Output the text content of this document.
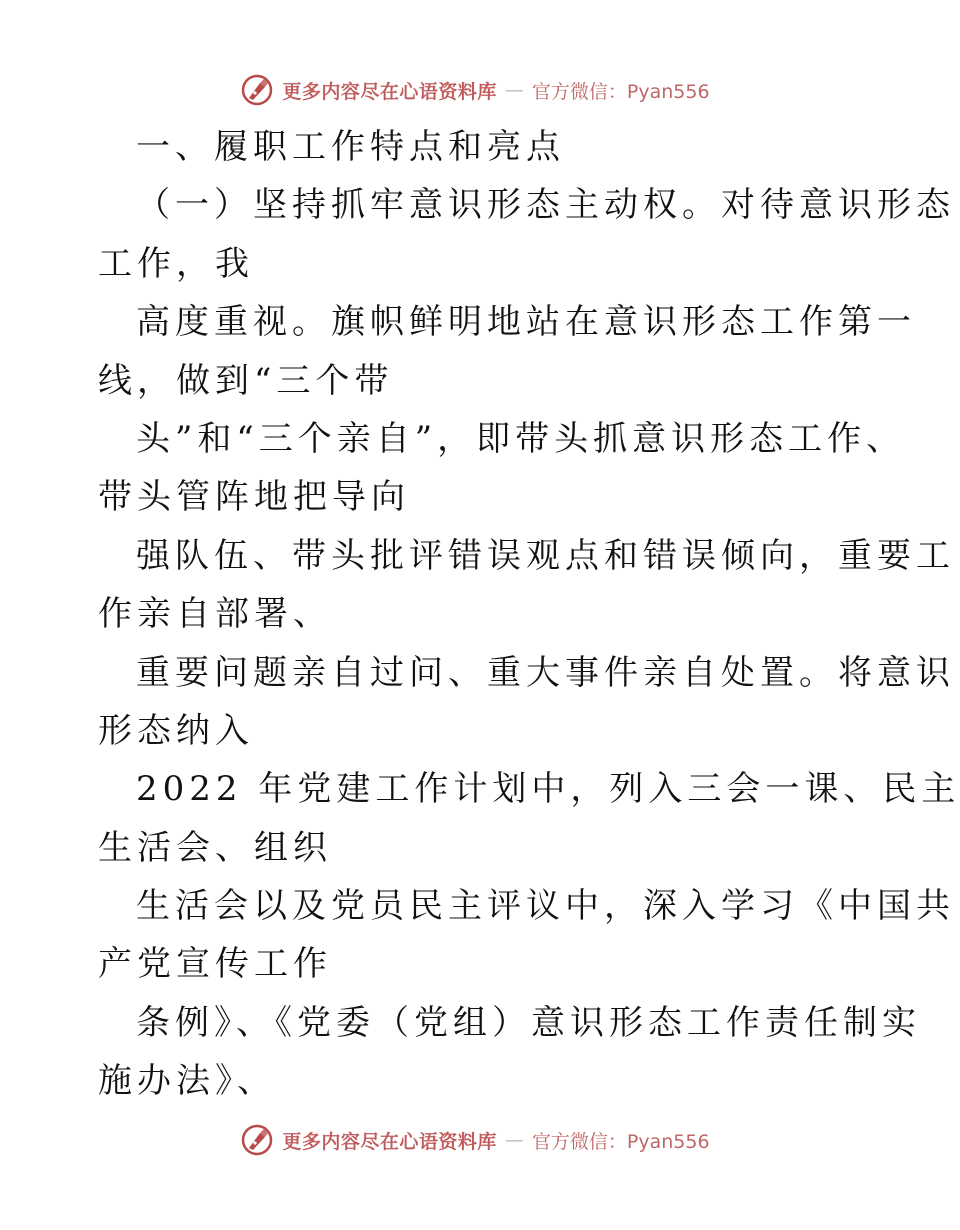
更多内容尽在心语资料库 — 官方微信：Pyan556
一、履职工作特点和亮点
（一）坚持抓牢意识形态主动权。对待意识形态
工作，我
高度重视。旗帜鲜明地站在意识形态工作第一
线，做到“三个带
头”和“三个亲自”，即带头抓意识形态工作、
带头管阵地把导向
强队伍、带头批评错误观点和错误倾向，重要工
作亲自部署、
重要问题亲自过问、重大事件亲自处置。将意识
形态纳入
2022 年党建工作计划中，列入三会一课、民主
生活会、组织
生活会以及党员民主评议中，深入学习《中国共
产党宣传工作
条例》、《党委（党组）意识形态工作责任制实
施办法》、
更多内容尽在心语资料库 — 官方微信：Pyan556
